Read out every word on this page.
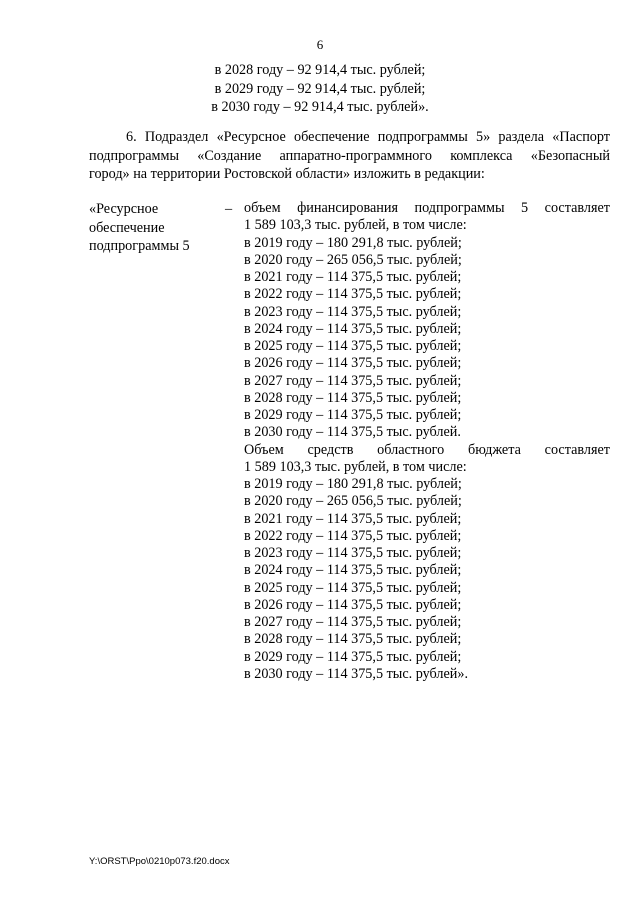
6
в 2028 году – 92 914,4 тыс. рублей;
в 2029 году – 92 914,4 тыс. рублей;
в 2030 году – 92 914,4 тыс. рублей».
6. Подраздел «Ресурсное обеспечение подпрограммы 5» раздела «Паспорт
подпрограммы «Создание аппаратно-программного комплекса «Безопасный
город» на территории Ростовской области» изложить в редакции:
«Ресурсное
обеспечение
подпрограммы 5
– объем финансирования подпрограммы 5 составляет
1 589 103,3 тыс. рублей, в том числе:
в 2019 году – 180 291,8 тыс. рублей;
в 2020 году – 265 056,5 тыс. рублей;
в 2021 году – 114 375,5 тыс. рублей;
в 2022 году – 114 375,5 тыс. рублей;
в 2023 году – 114 375,5 тыс. рублей;
в 2024 году – 114 375,5 тыс. рублей;
в 2025 году – 114 375,5 тыс. рублей;
в 2026 году – 114 375,5 тыс. рублей;
в 2027 году – 114 375,5 тыс. рублей;
в 2028 году – 114 375,5 тыс. рублей;
в 2029 году – 114 375,5 тыс. рублей;
в 2030 году – 114 375,5 тыс. рублей.
Объем средств областного бюджета составляет
1 589 103,3 тыс. рублей, в том числе:
в 2019 году – 180 291,8 тыс. рублей;
в 2020 году – 265 056,5 тыс. рублей;
в 2021 году – 114 375,5 тыс. рублей;
в 2022 году – 114 375,5 тыс. рублей;
в 2023 году – 114 375,5 тыс. рублей;
в 2024 году – 114 375,5 тыс. рублей;
в 2025 году – 114 375,5 тыс. рублей;
в 2026 году – 114 375,5 тыс. рублей;
в 2027 году – 114 375,5 тыс. рублей;
в 2028 году – 114 375,5 тыс. рублей;
в 2029 году – 114 375,5 тыс. рублей;
в 2030 году – 114 375,5 тыс. рублей».
Y:\ORST\Ppo\0210p073.f20.docx
